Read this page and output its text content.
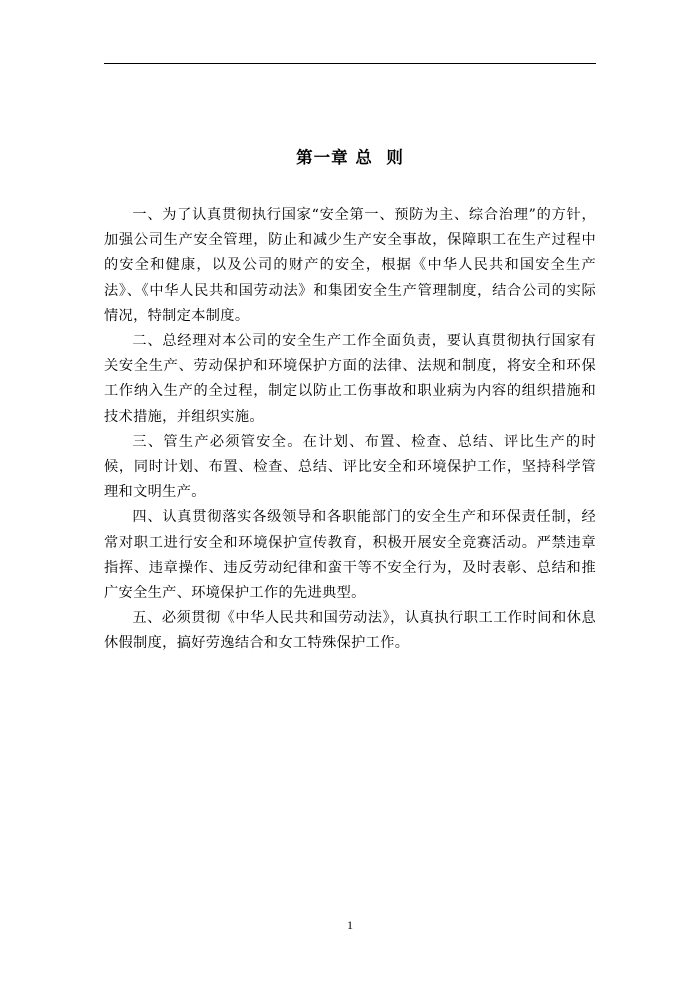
第一章 总  则

一、为了认真贯彻执行国家“安全第一、预防为主、综合治理”的方针，加强公司生产安全管理，防止和减少生产安全事故，保障职工在生产过程中的安全和健康，以及公司的财产的安全，根据《中华人民共和国安全生产法》、《中华人民共和国劳动法》和集团安全生产管理制度，结合公司的实际情况，特制定本制度。

二、总经理对本公司的安全生产工作全面负责，要认真贯彻执行国家有关安全生产、劳动保护和环境保护方面的法律、法规和制度，将安全和环保工作纳入生产的全过程，制定以防止工伤事故和职业病为内容的组织措施和技术措施，并组织实施。

三、管生产必须管安全。在计划、布置、检查、总结、评比生产的时候，同时计划、布置、检查、总结、评比安全和环境保护工作，坚持科学管理和文明生产。

四、认真贯彻落实各级领导和各职能部门的安全生产和环保责任制，经常对职工进行安全和环境保护宣传教育，积极开展安全竞赛活动。严禁违章指挥、违章操作、违反劳动纪律和蛮干等不安全行为，及时表彰、总结和推广安全生产、环境保护工作的先进典型。

五、必须贯彻《中华人民共和国劳动法》，认真执行职工工作时间和休息休假制度，搞好劳逸结合和女工特殊保护工作。

1
